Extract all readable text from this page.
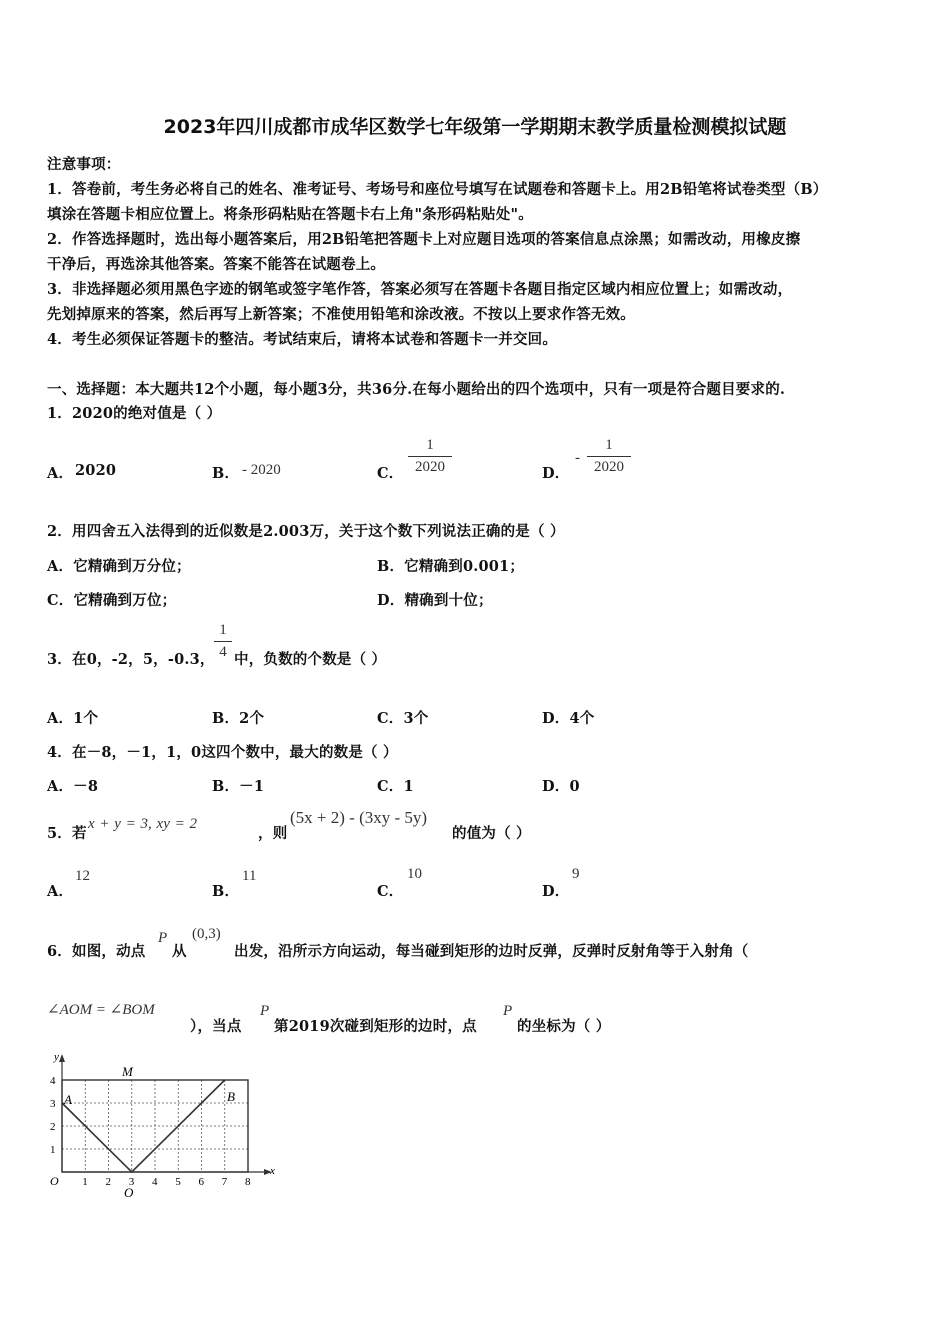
2023年四川成都市成华区数学七年级第一学期期末教学质量检测模拟试题
注意事项：
1．答卷前，考生务必将自己的姓名、准考证号、考场号和座位号填写在试题卷和答题卡上。用2B铅笔将试卷类型（B）
填涂在答题卡相应位置上。将条形码粘贴在答题卡右上角"条形码粘贴处"。
2．作答选择题时，选出每小题答案后，用2B铅笔把答题卡上对应题目选项的答案信息点涂黑；如需改动，用橡皮擦
干净后，再选涂其他答案。答案不能答在试题卷上。
3．非选择题必须用黑色字迹的钢笔或签字笔作答，答案必须写在答题卡各题目指定区域内相应位置上；如需改动，
先划掉原来的答案，然后再写上新答案；不准使用铅笔和涂改液。不按以上要求作答无效。
4．考生必须保证答题卡的整洁。考试结束后，请将本试卷和答题卡一并交回。
一、选择题：本大题共12个小题，每小题3分，共36分.在每小题给出的四个选项中，只有一项是符合题目要求的.
1．2020的绝对值是（ ）
A． 2020	B． - 2020	C．
1
2020	D．
-
1
2020
2．用四舍五入法得到的近似数是2.003万，关于这个数下列说法正确的是（ ）
A．它精确到万分位；	B．它精确到0.001；
C．它精确到万位；	D．精确到十位；
3．在0，-2，5，-0.3，
1
4 中，负数的个数是（ ）
A．1个	B．2个	C．3个	D．4个
4．在－8，－1，1，0这四个数中，最大的数是（ ）
A．－8	B．－1	C．1	D．0
5．若
x + y = 3, xy = 2
，则
(5x + 2) - (3xy - 5y)
的值为（ ）
A．
12
B．
11
C．
10
D．
9
6．如图，动点
P
从
(0,3)
出发，沿所示方向运动，每当碰到矩形的边时反弹，反弹时反射角等于入射角（
∠AOM = ∠BOM
），当点
P
第2019次碰到矩形的边时，点
P
的坐标为（ ）
1 2 3 4 5 6 7 8
1
2
3
4
x
y
O
A	B
M
O
